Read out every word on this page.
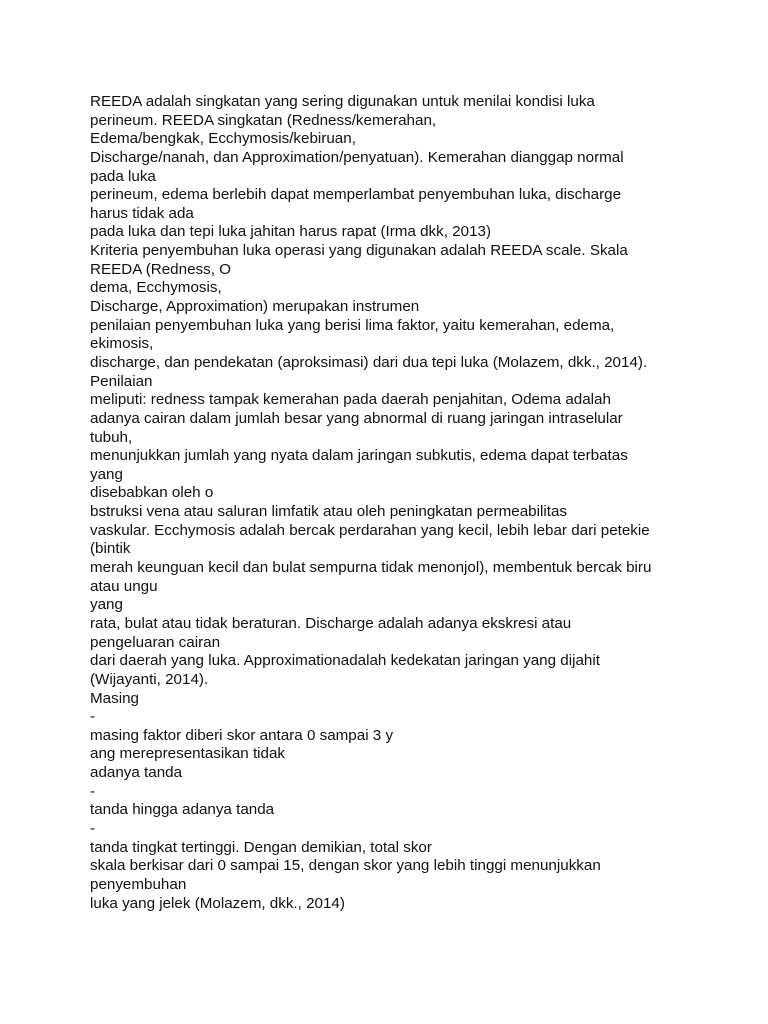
REEDA adalah singkatan yang sering digunakan untuk menilai kondisi luka
perineum. REEDA singkatan (Redness/kemerahan,
Edema/bengkak, Ecchymosis/kebiruan,
Discharge/nanah, dan Approximation/penyatuan). Kemerahan dianggap normal
pada luka
perineum, edema berlebih dapat memperlambat penyembuhan luka, discharge
harus tidak ada
pada luka dan tepi luka jahitan harus rapat (Irma dkk, 2013)
Kriteria penyembuhan luka operasi yang digunakan adalah REEDA scale. Skala
REEDA (Redness, O
dema, Ecchymosis,
Discharge, Approximation) merupakan instrumen
penilaian penyembuhan luka yang berisi lima faktor, yaitu kemerahan, edema,
ekimosis,
discharge, dan pendekatan (aproksimasi) dari dua tepi luka (Molazem, dkk., 2014).
Penilaian
meliputi: redness tampak kemerahan pada daerah penjahitan, Odema adalah
adanya cairan dalam jumlah besar yang abnormal di ruang jaringan intraselular
tubuh,
menunjukkan jumlah yang nyata dalam jaringan subkutis, edema dapat terbatas
yang
disebabkan oleh o
bstruksi vena atau saluran limfatik atau oleh peningkatan permeabilitas
vaskular. Ecchymosis adalah bercak perdarahan yang kecil, lebih lebar dari petekie
(bintik
merah keunguan kecil dan bulat sempurna tidak menonjol), membentuk bercak biru
atau ungu
yang
rata, bulat atau tidak beraturan. Discharge adalah adanya ekskresi atau
pengeluaran cairan
dari daerah yang luka. Approximationadalah kedekatan jaringan yang dijahit
(Wijayanti, 2014).
Masing
-
masing faktor diberi skor antara 0 sampai 3 y
ang merepresentasikan tidak
adanya tanda
-
tanda hingga adanya tanda
-
tanda tingkat tertinggi. Dengan demikian, total skor
skala berkisar dari 0 sampai 15, dengan skor yang lebih tinggi menunjukkan
penyembuhan
luka yang jelek (Molazem, dkk., 2014)
